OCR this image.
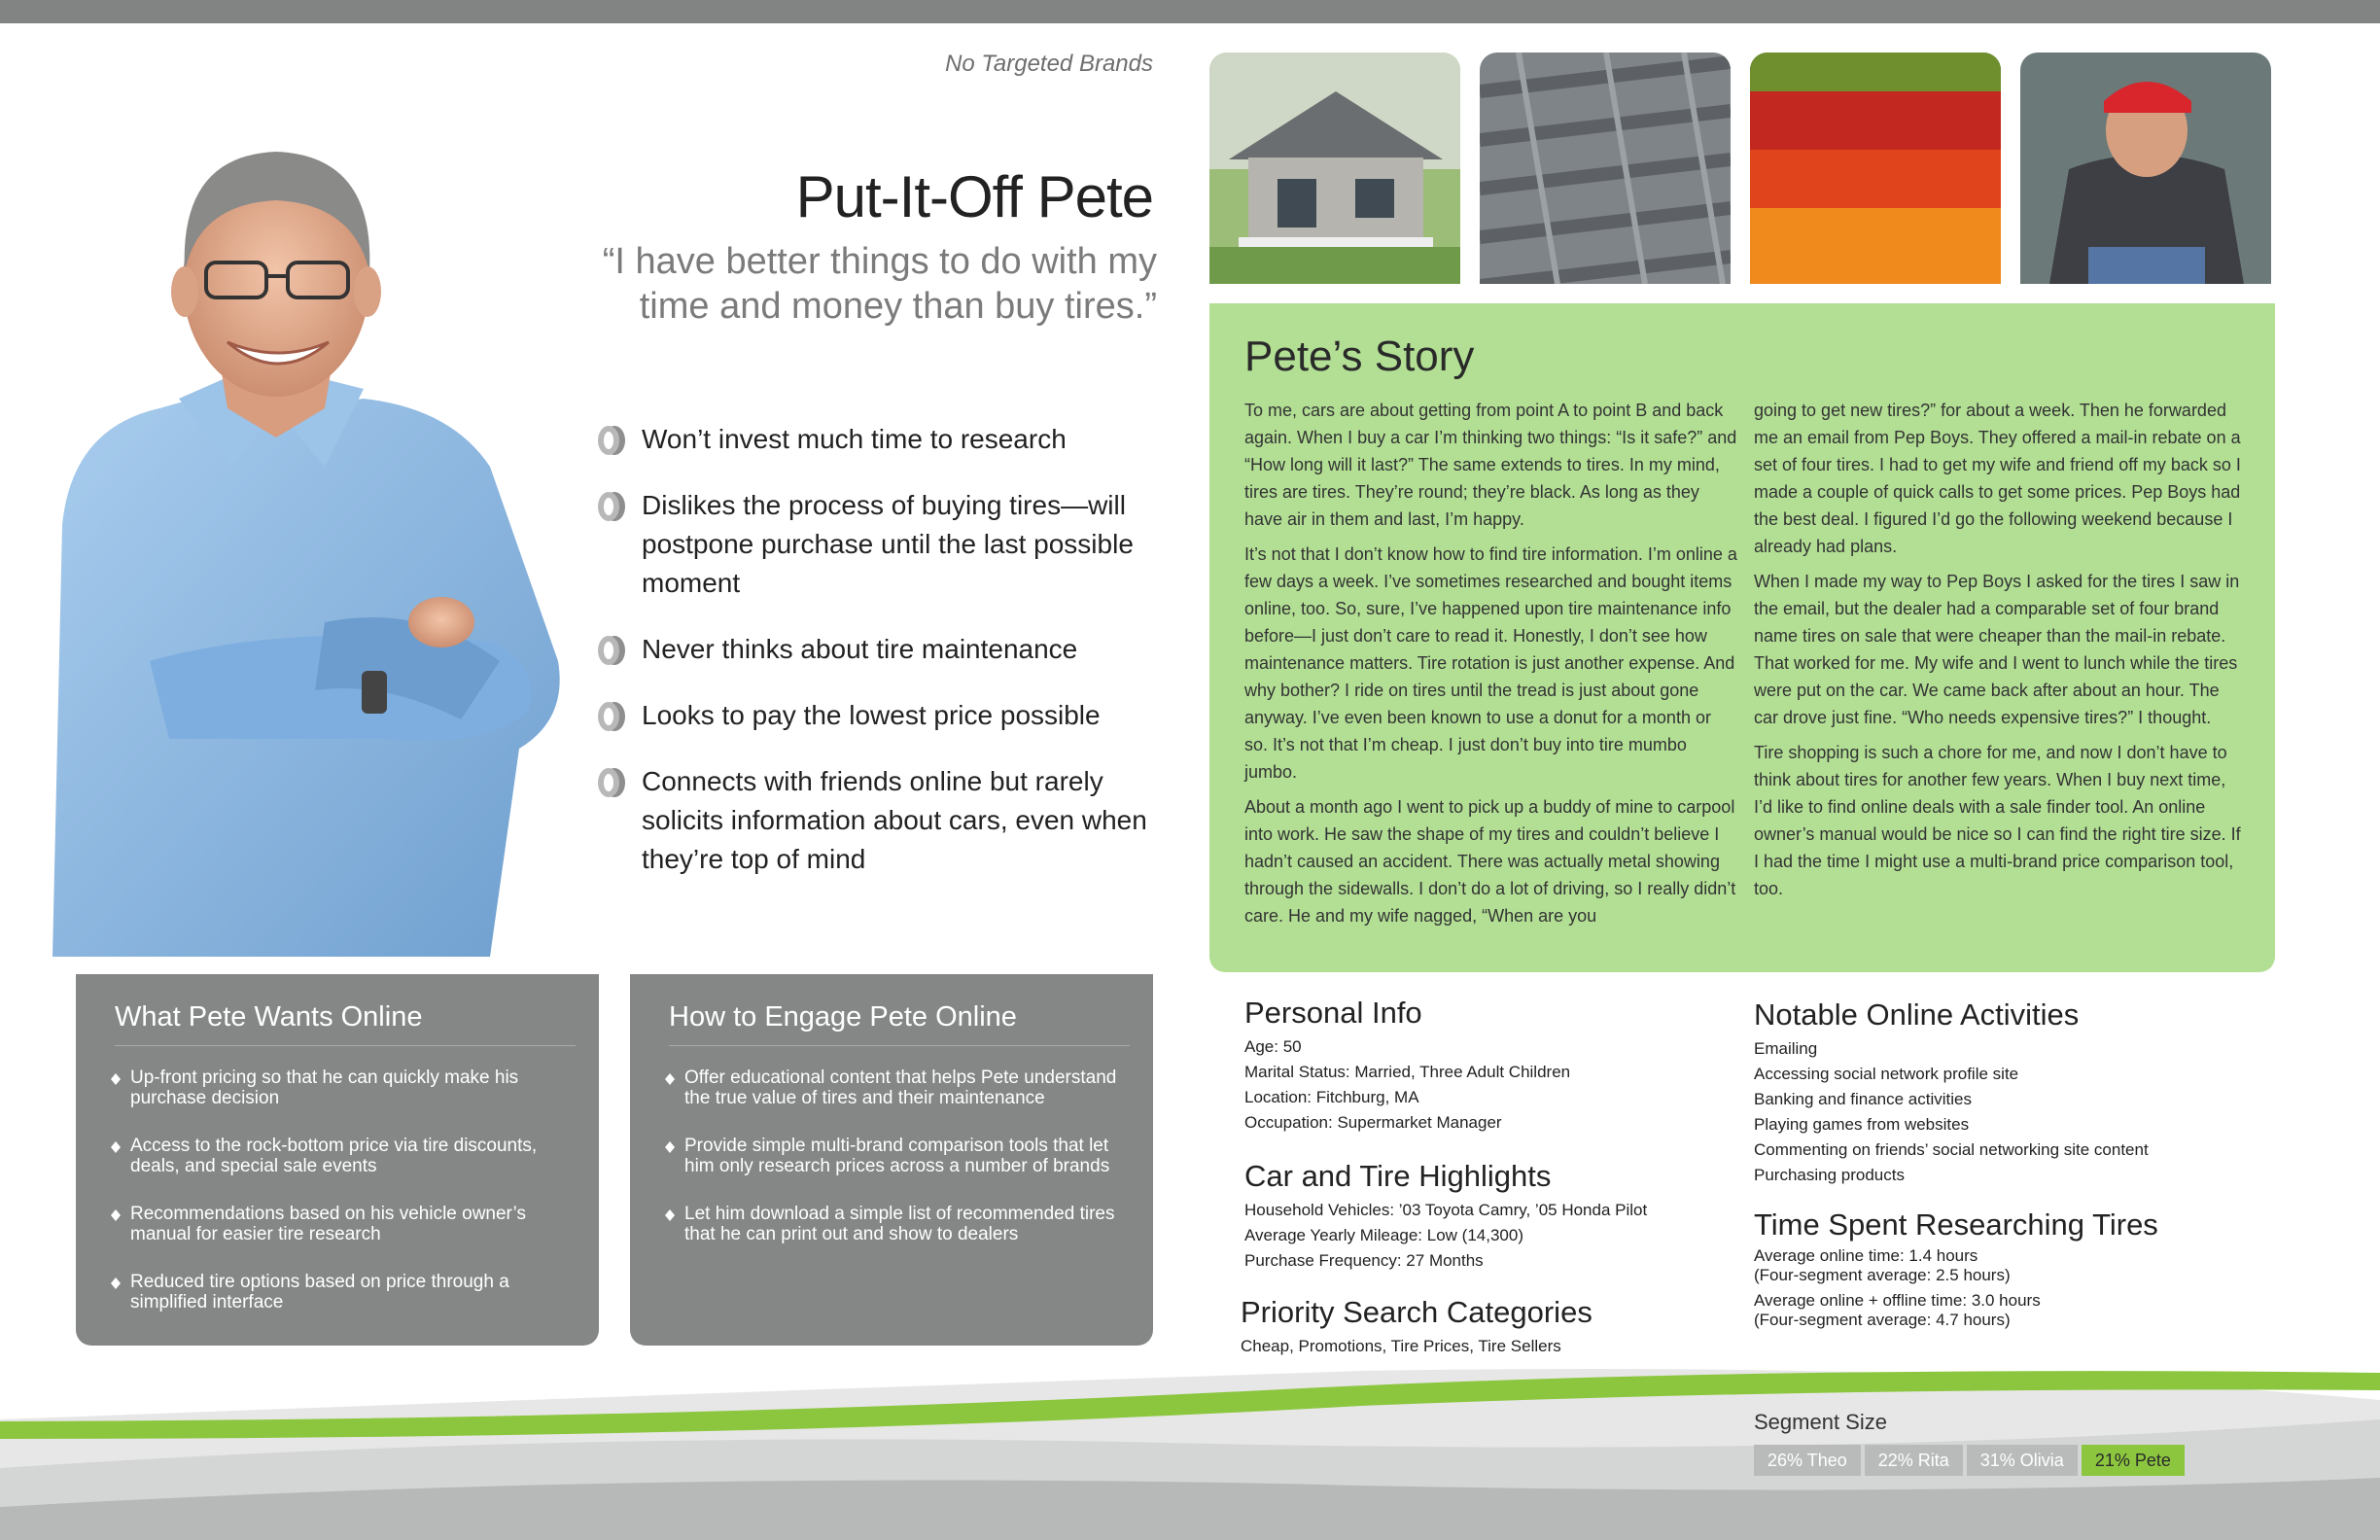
No Targeted Brands
Put-It-Off Pete
“I have better things to do with my time and money than buy tires.”
Won’t invest much time to research
Dislikes the process of buying tires—will postpone purchase until the last possible moment
Never thinks about tire maintenance
Looks to pay the lowest price possible
Connects with friends online but rarely solicits information about cars, even when they’re top of mind
What Pete Wants Online
Up-front pricing so that he can quickly make his purchase decision
Access to the rock-bottom price via tire discounts, deals, and special sale events
Recommendations based on his vehicle owner’s manual for easier tire research
Reduced tire options based on price through a simplified interface
How to Engage Pete Online
Offer educational content that helps Pete understand the true value of tires and their maintenance
Provide simple multi-brand comparison tools that let him only research prices across a number of brands
Let him download a simple list of recommended tires that he can print out and show to dealers
Pete’s Story

To me, cars are about getting from point A to point B and back again. When I buy a car I’m thinking two things: “Is it safe?” and “How long will it last?” The same extends to tires. In my mind, tires are tires. They’re round; they’re black. As long as they have air in them and last, I’m happy.

It’s not that I don’t know how to find tire information. I’m online a few days a week. I’ve sometimes researched and bought items online, too. So, sure, I’ve happened upon tire maintenance info before—I just don’t care to read it. Honestly, I don’t see how maintenance matters. Tire rotation is just another expense. And why bother? I ride on tires until the tread is just about gone anyway. I’ve even been known to use a donut for a month or so. It’s not that I’m cheap. I just don’t buy into tire mumbo jumbo.

About a month ago I went to pick up a buddy of mine to carpool into work. He saw the shape of my tires and couldn’t believe I hadn’t caused an accident. There was actually metal showing through the sidewalls. I don’t do a lot of driving, so I really didn’t care. He and my wife nagged, “When are you

going to get new tires?” for about a week. Then he forwarded me an email from Pep Boys. They offered a mail-in rebate on a set of four tires. I had to get my wife and friend off my back so I made a couple of quick calls to get some prices. Pep Boys had the best deal. I figured I’d go the following weekend because I already had plans.

When I made my way to Pep Boys I asked for the tires I saw in the email, but the dealer had a comparable set of four brand name tires on sale that were cheaper than the mail-in rebate. That worked for me. My wife and I went to lunch while the tires were put on the car. We came back after about an hour. The car drove just fine. “Who needs expensive tires?” I thought.

Tire shopping is such a chore for me, and now I don’t have to think about tires for another few years. When I buy next time, I’d like to find online deals with a sale finder tool. An online owner’s manual would be nice so I can find the right tire size. If I had the time I might use a multi-brand price comparison tool, too.

Personal Info
Age: 50
Marital Status: Married, Three Adult Children
Location: Fitchburg, MA
Occupation: Supermarket Manager
Car and Tire Highlights
Household Vehicles: ’03 Toyota Camry, ’05 Honda Pilot
Average Yearly Mileage: Low (14,300)
Purchase Frequency: 27 Months
Priority Search Categories
Cheap, Promotions, Tire Prices, Tire Sellers
Notable Online Activities
Emailing
Accessing social network profile site
Banking and finance activities
Playing games from websites
Commenting on friends’ social networking site content
Purchasing products
Time Spent Researching Tires
Average online time: 1.4 hours
(Four-segment average: 2.5 hours)
Average online + offline time: 3.0 hours
(Four-segment average: 4.7 hours)
Segment Size
26% Theo	22% Rita	31% Olivia	21% Pete
